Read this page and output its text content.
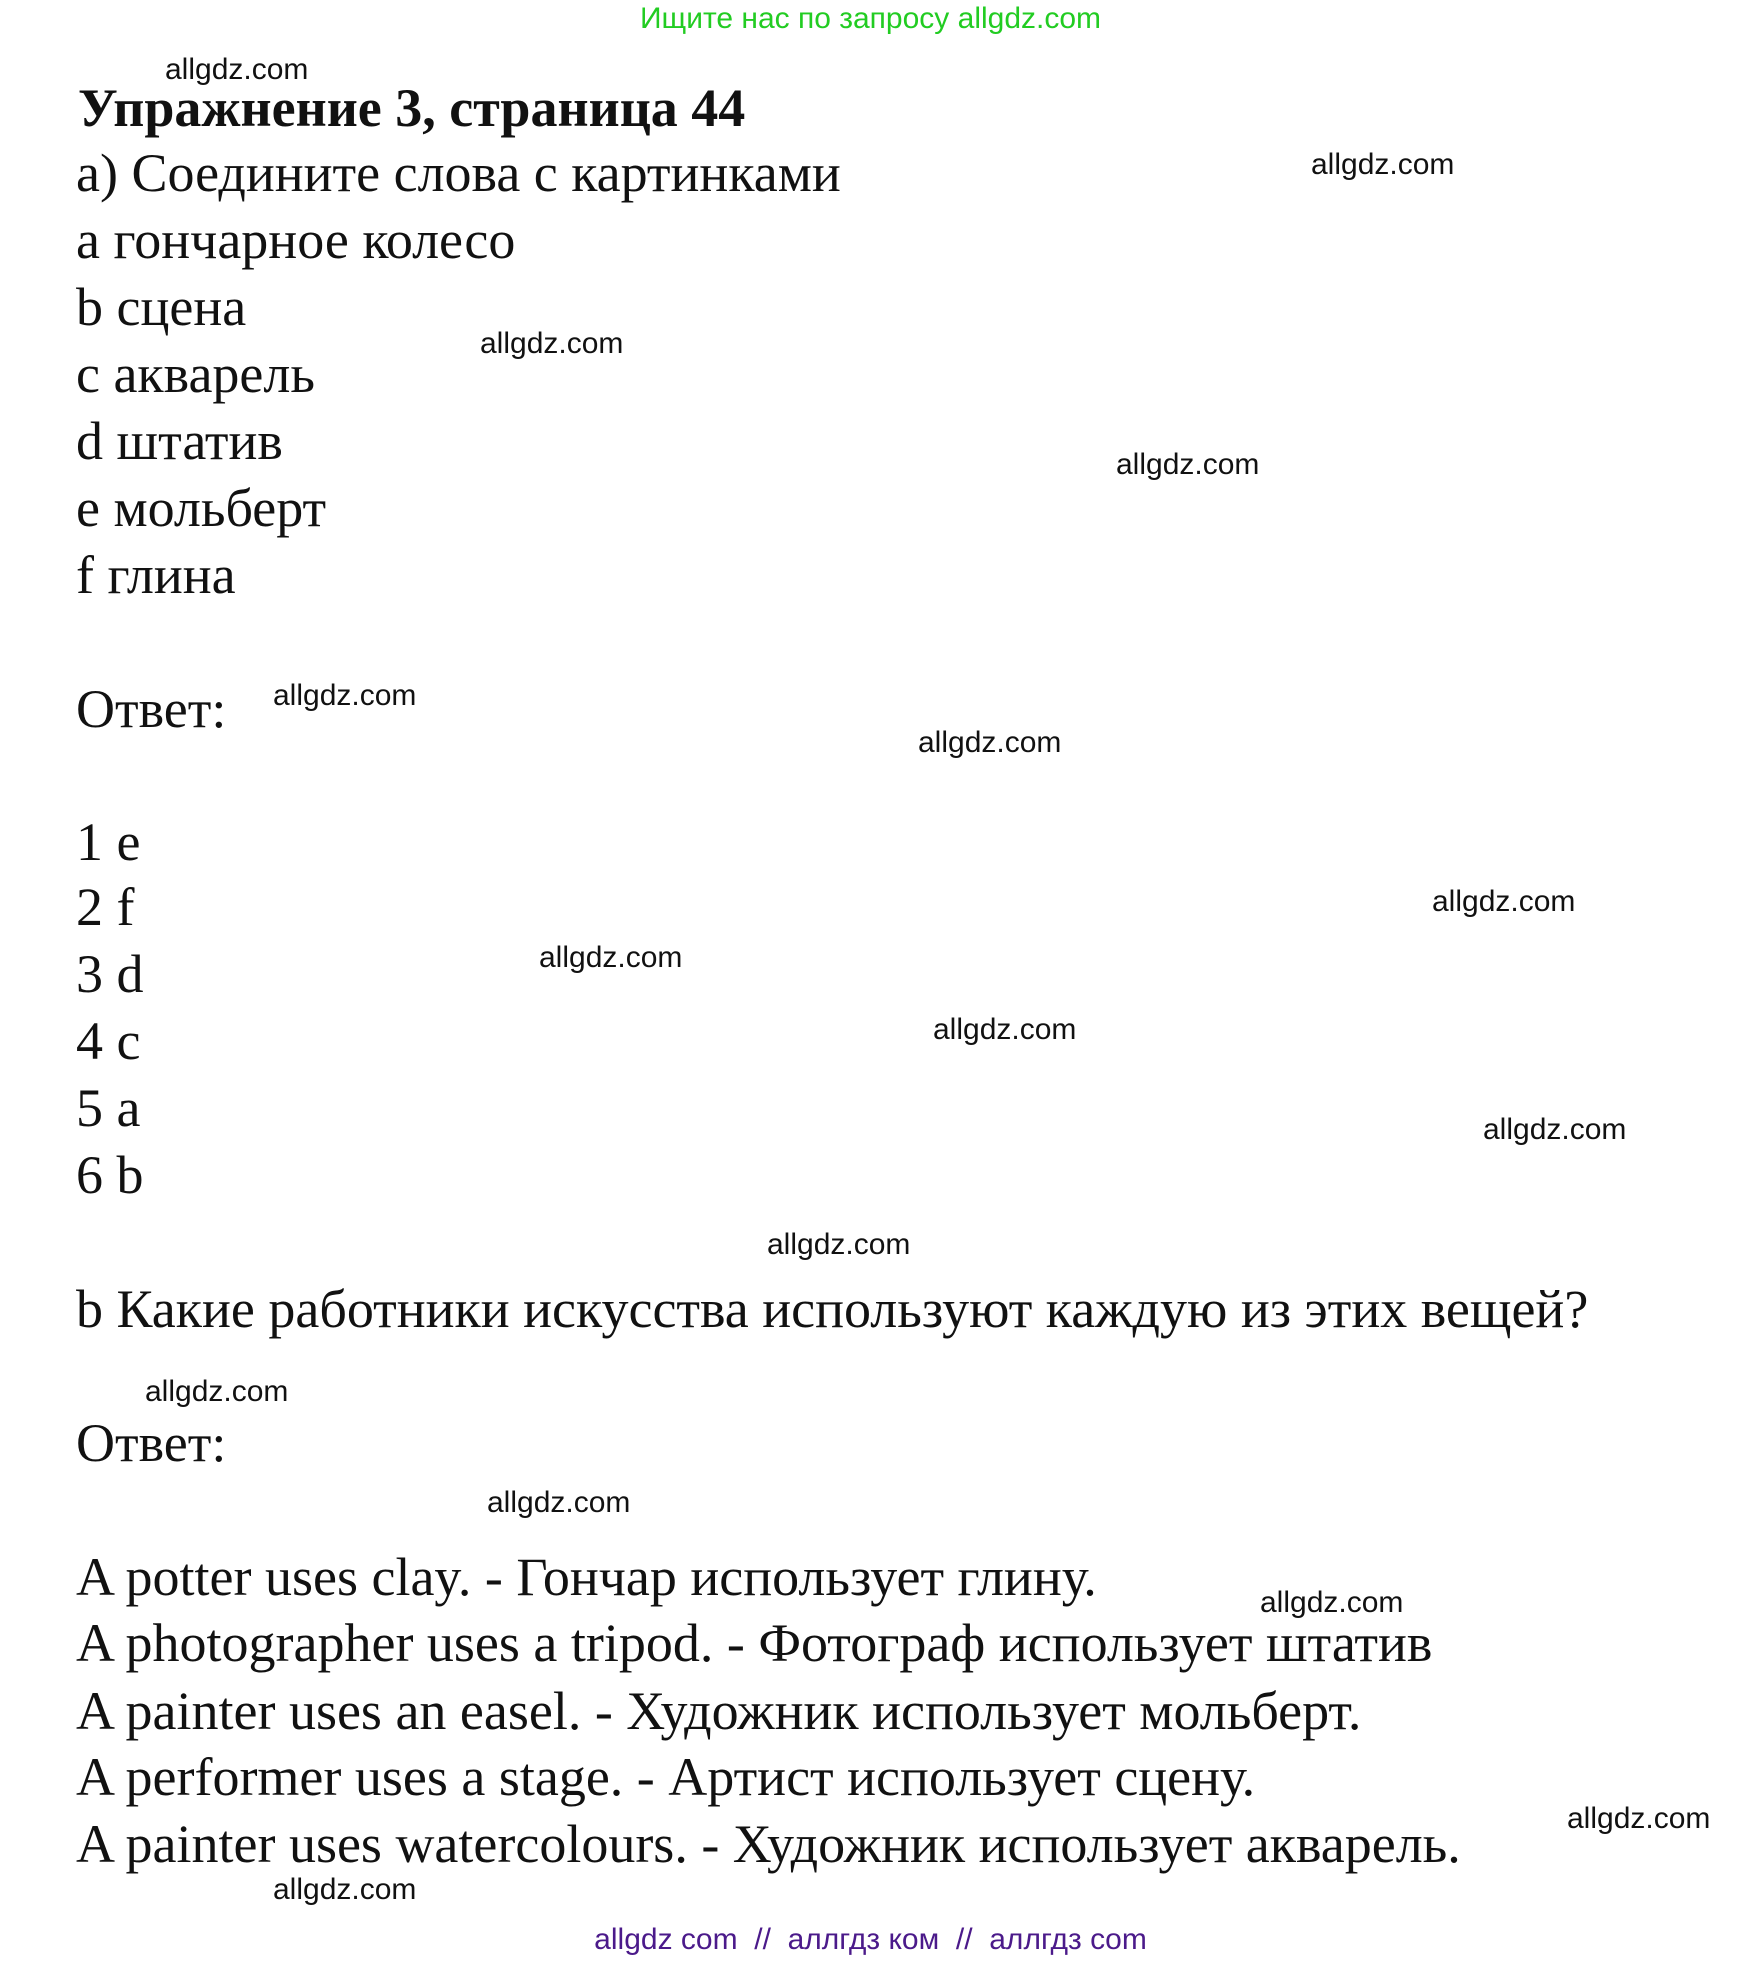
Ищите нас по запросу allgdz.com
Упражнение 3, страница 44
a) Соедините слова с картинками
a гончарное колесо
b сцена
c акварель
d штатив
e мольберт
f глина
Ответ:
1 e
2 f
3 d
4 c
5 a
6 b
b Какие работники искусства используют каждую из этих вещей?
Ответ:
A potter uses clay. - Гончар использует глину.
A photographer uses a tripod. - Фотограф использует штатив
A painter uses an easel. - Художник использует мольберт.
A performer uses a stage. - Артист использует сцену.
A painter uses watercolours. - Художник использует акварель.
allgdz.com
allgdz.com
allgdz.com
allgdz.com
allgdz.com
allgdz.com
allgdz.com
allgdz.com
allgdz.com
allgdz.com
allgdz.com
allgdz.com
allgdz.com
allgdz.com
allgdz.com
allgdz.com
allgdz com  //  аллгдз ком  //  аллгдз com
